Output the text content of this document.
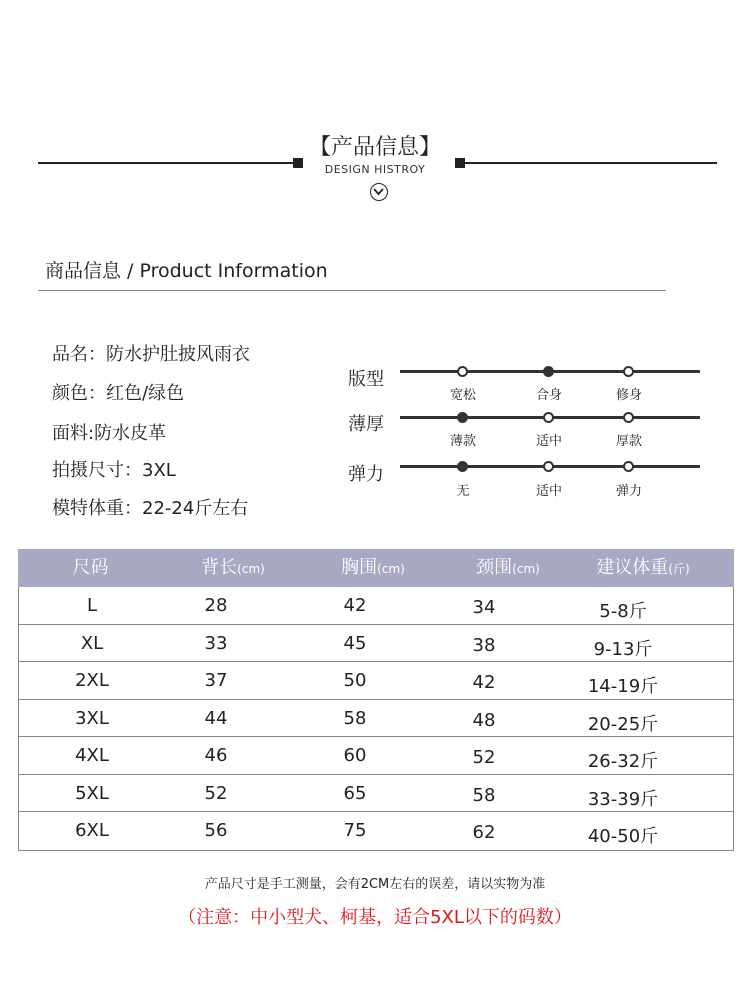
【产品信息】
DESIGN HISTROY
商品信息 / Product Information
品名：防水护肚披风雨衣
颜色：红色/绿色
面料:防水皮革
拍摄尺寸：3XL
模特体重：22-24斤左右
版型
宽松	合身	修身
薄厚
薄款	适中	厚款
弹力
无	适中	弹力
尺码	背长(cm)	胸围(cm)	颈围(cm)	建议体重(斤)
L	28	42	34	5-8斤
XL	33	45	38	9-13斤
2XL	37	50	42	14-19斤
3XL	44	58	48	20-25斤
4XL	46	60	52	26-32斤
5XL	52	65	58	33-39斤
6XL	56	75	62	40-50斤
产品尺寸是手工测量，会有2CM左右的误差，请以实物为准
（注意：中小型犬、柯基，适合5XL以下的码数）
